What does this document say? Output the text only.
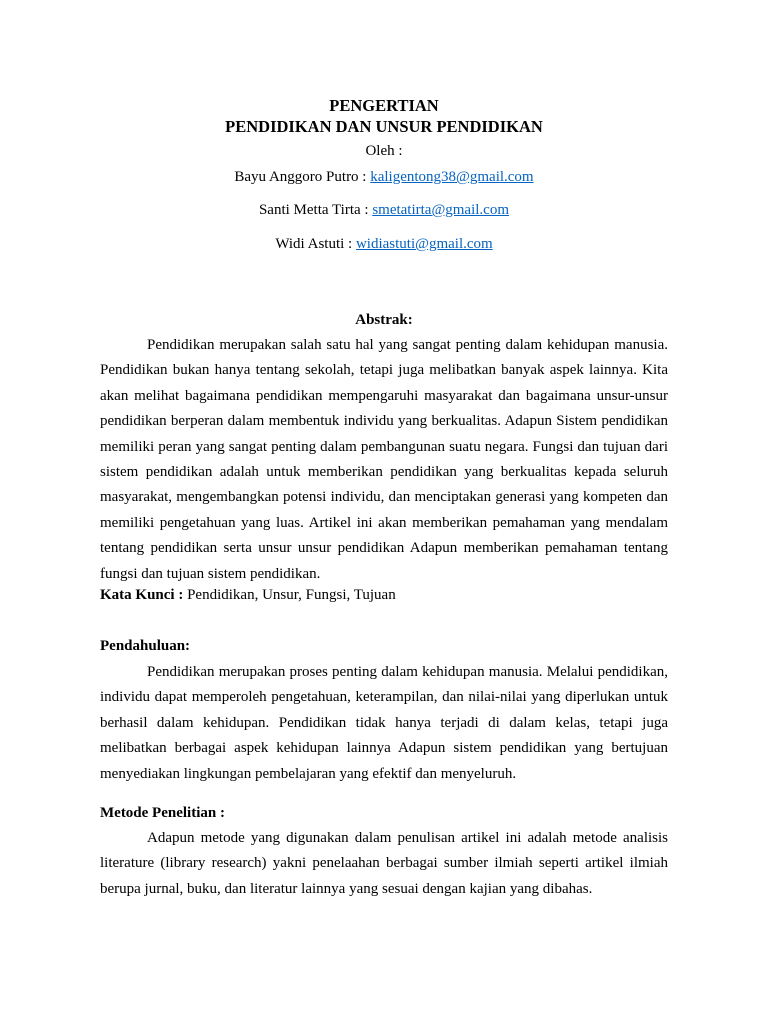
PENGERTIAN
PENDIDIKAN DAN UNSUR PENDIDIKAN
Oleh :
Bayu Anggoro Putro : kaligentong38@gmail.com
Santi Metta Tirta : smetatirta@gmail.com
Widi Astuti : widiastuti@gmail.com
Abstrak:
Pendidikan merupakan salah satu hal yang sangat penting dalam kehidupan manusia. Pendidikan bukan hanya tentang sekolah, tetapi juga melibatkan banyak aspek lainnya. Kita akan melihat bagaimana pendidikan mempengaruhi masyarakat dan bagaimana unsur-unsur pendidikan berperan dalam membentuk individu yang berkualitas. Adapun Sistem pendidikan memiliki peran yang sangat penting dalam pembangunan suatu negara. Fungsi dan tujuan dari sistem pendidikan adalah untuk memberikan pendidikan yang berkualitas kepada seluruh masyarakat, mengembangkan potensi individu, dan menciptakan generasi yang kompeten dan memiliki pengetahuan yang luas. Artikel ini akan memberikan pemahaman yang mendalam tentang pendidikan serta unsur unsur pendidikan Adapun memberikan pemahaman tentang fungsi dan tujuan sistem pendidikan.
Kata Kunci : Pendidikan, Unsur, Fungsi, Tujuan
Pendahuluan:
Pendidikan merupakan proses penting dalam kehidupan manusia. Melalui pendidikan, individu dapat memperoleh pengetahuan, keterampilan, dan nilai-nilai yang diperlukan untuk berhasil dalam kehidupan. Pendidikan tidak hanya terjadi di dalam kelas, tetapi juga melibatkan berbagai aspek kehidupan lainnya Adapun sistem pendidikan yang bertujuan menyediakan lingkungan pembelajaran yang efektif dan menyeluruh.
Metode Penelitian :
Adapun metode yang digunakan dalam penulisan artikel ini adalah metode analisis literature (library research) yakni penelaahan berbagai sumber ilmiah seperti artikel ilmiah berupa jurnal, buku, dan literatur lainnya yang sesuai dengan kajian yang dibahas.
